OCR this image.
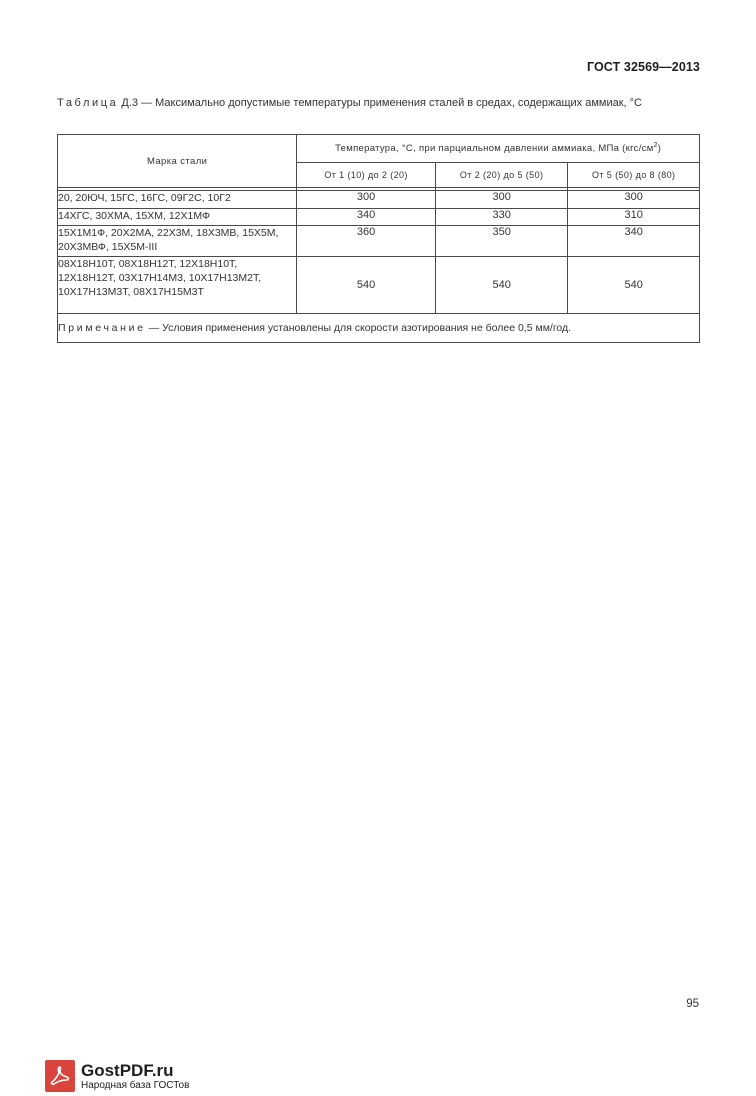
ГОСТ 32569—2013
Таблица Д.3 — Максимально допустимые температуры применения сталей в средах, содержащих аммиак, °С
Марка стали	Температура, °С, при парциальном давлении аммиака, МПа $(кгс/см^2)$		
	От 1 (10) до 2 (20)	От 2 (20) до 5 (50)	От 5 (50) до 8 (80)

20, 20ЮЧ, 15ГС, 16ГС, 09Г2С, 10Г2	300	300	300
14ХГС, 30ХМА, 15ХМ, 12Х1МФ	340	330	310
15Х1М1Ф, 20Х2МА, 22Х3М, 18Х3МВ, 15Х5М, 20Х3МВФ, 15Х5М-III	360	350	340
08Х18Н10Т, 08Х18Н12Т, 12Х18Н10Т, 12Х18Н12Т, 03Х17Н14М3, 10Х17Н13М2Т, 10Х17Н13М3Т, 08Х17Н15М3Т	540	540	540
Примечание — Условия применения установлены для скорости азотирования не более 0,5 мм/год.			
95
GostPDF.ru
Народная база ГОСТов
